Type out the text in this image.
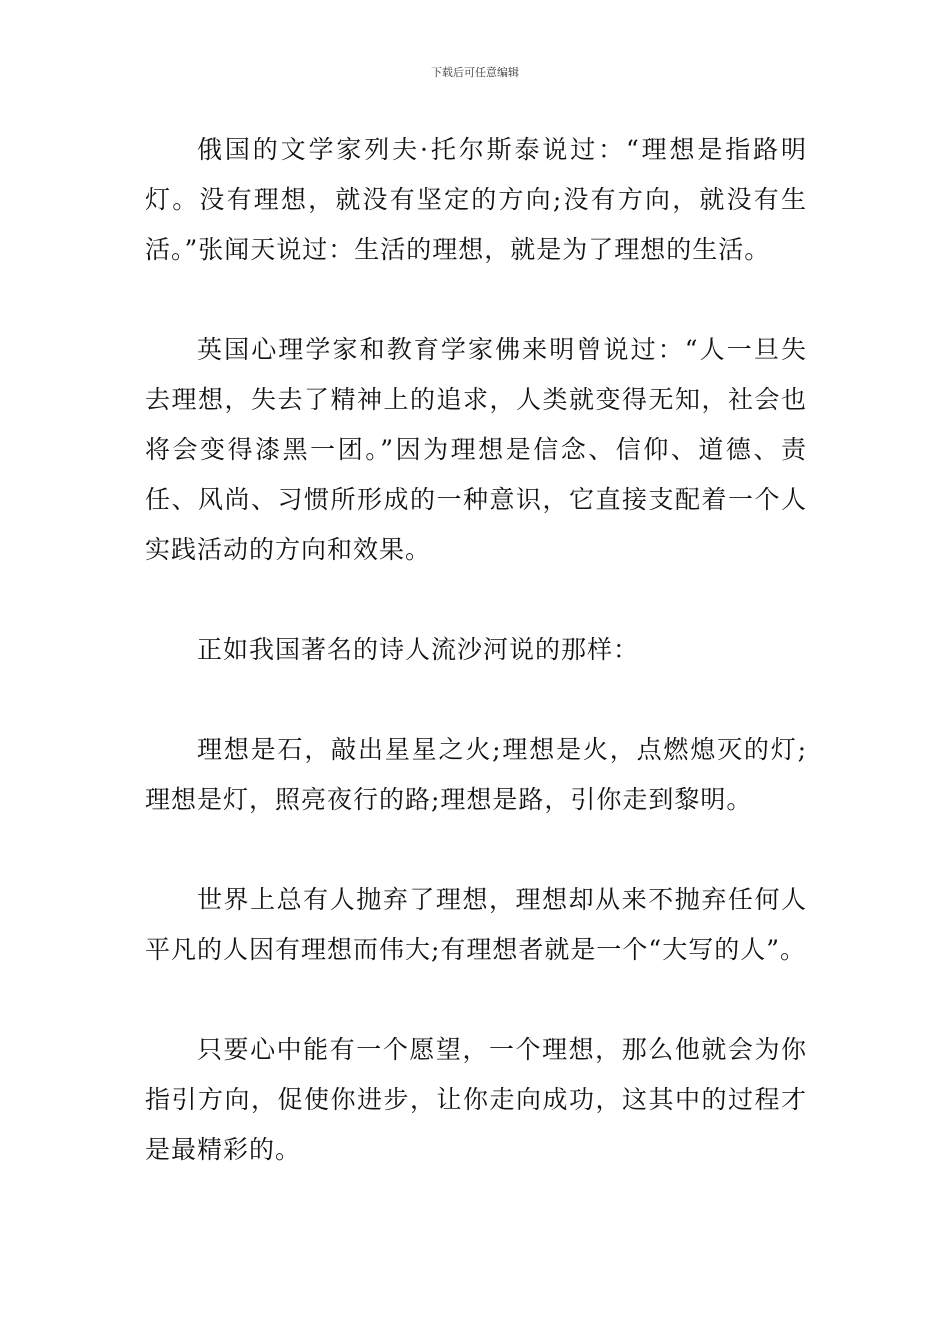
下载后可任意编辑

俄国的文学家列夫·托尔斯泰说过：“理想是指路明灯。没有理想，就没有坚定的方向;没有方向，就没有生活。”张闻天说过：生活的理想，就是为了理想的生活。

英国心理学家和教育学家佛来明曾说过：“人一旦失去理想，失去了精神上的追求，人类就变得无知，社会也将会变得漆黑一团。”因为理想是信念、信仰、道德、责任、风尚、习惯所形成的一种意识，它直接支配着一个人实践活动的方向和效果。

正如我国著名的诗人流沙河说的那样：

理想是石，敲出星星之火;理想是火，点燃熄灭的灯;理想是灯，照亮夜行的路;理想是路，引你走到黎明。

世界上总有人抛弃了理想，理想却从来不抛弃任何人平凡的人因有理想而伟大;有理想者就是一个“大写的人”。

只要心中能有一个愿望，一个理想，那么他就会为你指引方向，促使你进步，让你走向成功，这其中的过程才是最精彩的。
